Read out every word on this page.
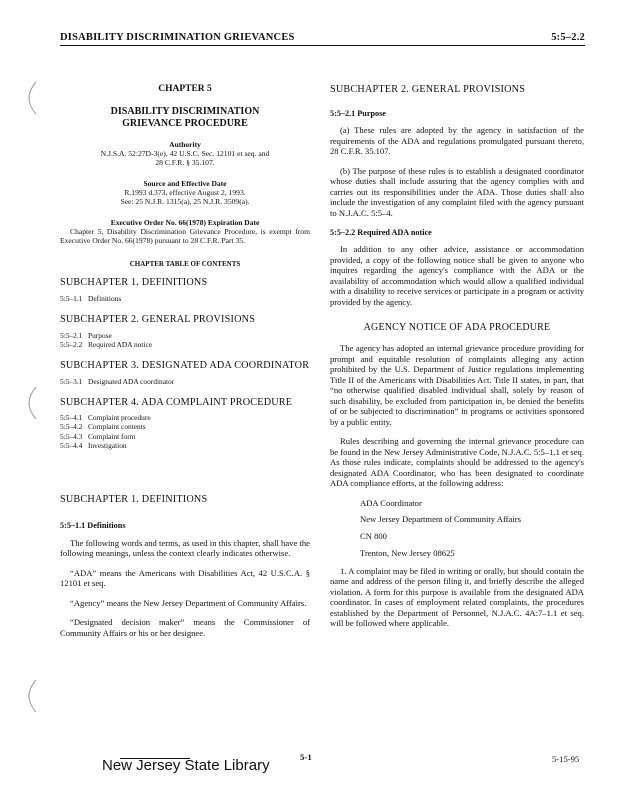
DISABILITY DISCRIMINATION GRIEVANCES	5:5–2.2
CHAPTER 5
DISABILITY DISCRIMINATION GRIEVANCE PROCEDURE
Authority
N.J.S.A. 52:27D-3(e), 42 U.S.C. Sec. 12101 et seq. and 28 C.F.R. § 35.107.
Source and Effective Date
R.1993 d.373, effective August 2, 1993.
See: 25 N.J.R. 1315(a), 25 N.J.R. 3509(a).
Executive Order No. 66(1978) Expiration Date

Chapter 5, Disability Discrimination Grievance Procedure, is exempt from Executive Order No. 66(1978) pursuant to 28 C.F.R. Part 35.

CHAPTER TABLE OF CONTENTS
SUBCHAPTER 1. DEFINITIONS
5:5–1.1 Definitions
SUBCHAPTER 2. GENERAL PROVISIONS
5:5–2.1 Purpose
5:5–2.2 Required ADA notice
SUBCHAPTER 3. DESIGNATED ADA COORDINATOR
5:5–3.1 Designated ADA coordinator
SUBCHAPTER 4. ADA COMPLAINT PROCEDURE
5:5–4.1 Complaint procedure
5:5–4.2 Complaint contents
5:5–4.3 Complaint form
5:5–4.4 Investigation
SUBCHAPTER 1. DEFINITIONS
5:5–1.1 Definitions

The following words and terms, as used in this chapter, shall have the following meanings, unless the context clearly indicates otherwise.

“ADA” means the Americans with Disabilities Act, 42 U.S.C.A. § 12101 et seq.

“Agency” means the New Jersey Department of Community Affairs.

“Designated decision maker” means the Commissioner of Community Affairs or his or her designee.

SUBCHAPTER 2. GENERAL PROVISIONS
5:5–2.1 Purpose

(a) These rules are adopted by the agency in satisfaction of the requirements of the ADA and regulations promulgated pursuant thereto, 28 C.F.R. 35.107.

(b) The purpose of these rules is to establish a designated coordinator whose duties shall include assuring that the agency complies with and carries out its responsibilities under the ADA. Those duties shall also include the investigation of any complaint filed with the agency pursuant to N.J.A.C. 5:5–4.

5:5–2.2 Required ADA notice

In addition to any other advice, assistance or accommodation provided, a copy of the following notice shall be given to anyone who inquires regarding the agency's compliance with the ADA or the availability of accommodation which would allow a qualified individual with a disability to receive services or participate in a program or activity provided by the agency.

AGENCY NOTICE OF ADA PROCEDURE

The agency has adopted an internal grievance procedure providing for prompt and equitable resolution of complaints alleging any action prohibited by the U.S. Department of Justice regulations implementing Title II of the Americans with Disabilities Act. Title II states, in part, that “no otherwise qualified disabled individual shall, solely by reason of such disability, be excluded from participation in, be denied the benefits of or be subjected to discrimination” in programs or activities sponsored by a public entity.

Rules describing and governing the internal grievance procedure can be found in the New Jersey Administrative Code, N.J.A.C. 5:5–1.1 et seq. As those rules indicate, complaints should be addressed to the agency's designated ADA Coordinator, who has been designated to coordinate ADA compliance efforts, at the following address:

ADA Coordinator
New Jersey Department of Community Affairs
CN 800
Trenton, New Jersey 08625

1. A complaint may be filed in writing or orally, but should contain the name and address of the person filing it, and briefly describe the alleged violation. A form for this purpose is available from the designated ADA coordinator. In cases of employment related complaints, the procedures established by the Department of Personnel, N.J.A.C. 4A:7–1.1 et seq. will be followed where applicable.

New Jersey State Library	5-1	5-15-95
